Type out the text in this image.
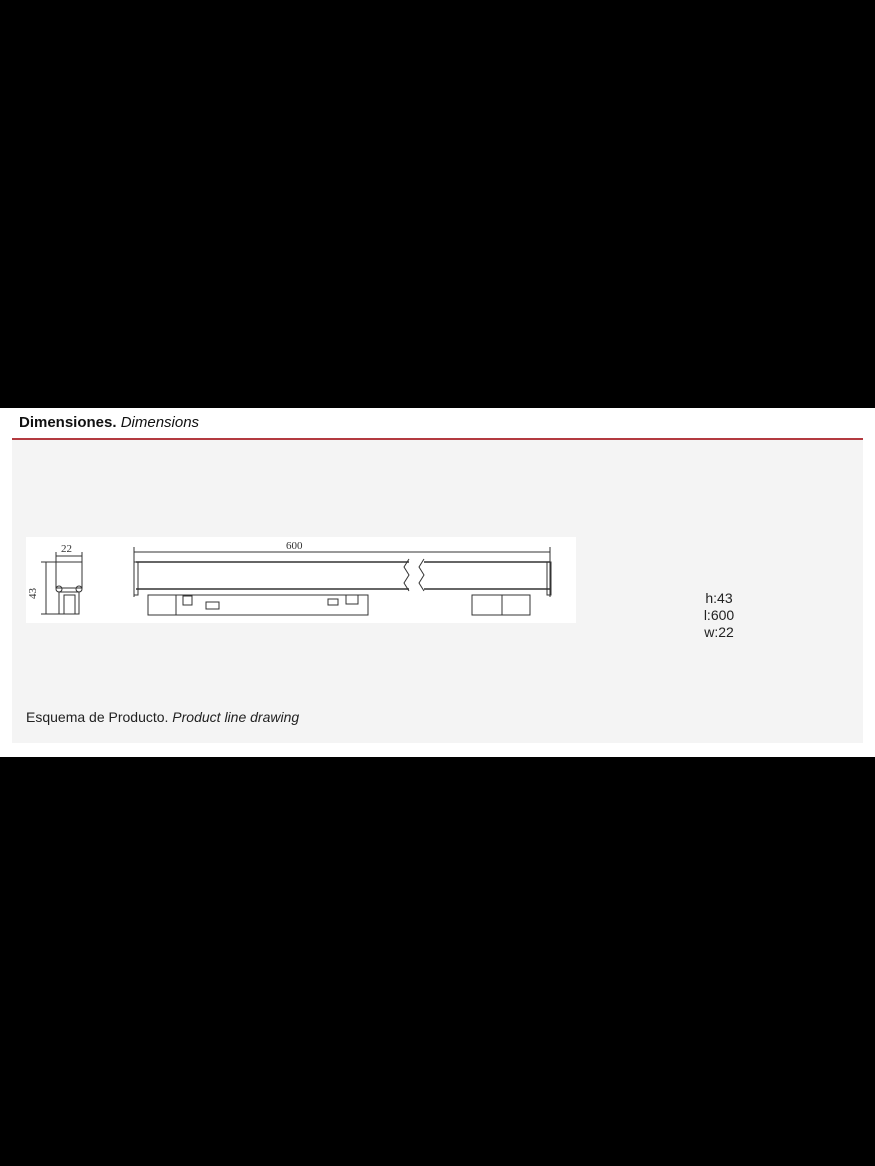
Dimensiones. Dimensions
22
43
600
h:43
l:600
w:22
Esquema de Producto. Product line drawing
